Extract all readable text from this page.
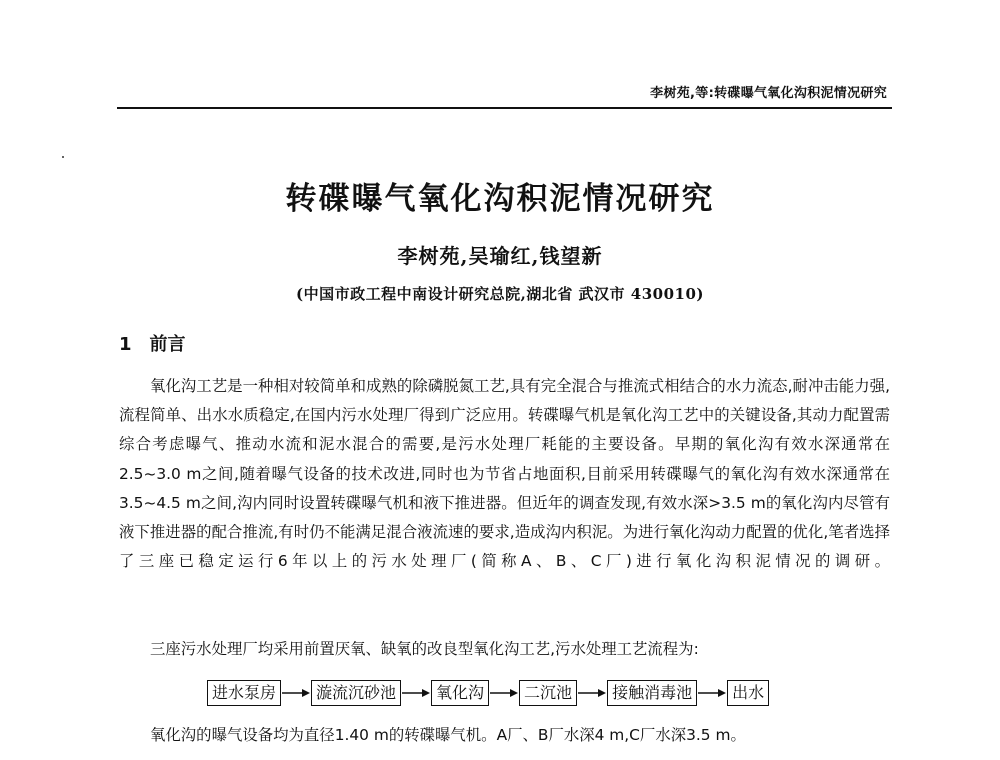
李树苑,等:转碟曝气氧化沟积泥情况研究
转碟曝气氧化沟积泥情况研究
李树苑,吴瑜红,钱望新
(中国市政工程中南设计研究总院,湖北省 武汉市 430010)
1 前言
氧化沟工艺是一种相对较简单和成熟的除磷脱氮工艺,具有完全混合与推流式相结合的水力流态,耐冲击能力强,流程简单、出水水质稳定,在国内污水处理厂得到广泛应用。转碟曝气机是氧化沟工艺中的关键设备,其动力配置需综合考虑曝气、推动水流和泥水混合的需要,是污水处理厂耗能的主要设备。早期的氧化沟有效水深通常在2.5~3.0 m之间,随着曝气设备的技术改进,同时也为节省占地面积,目前采用转碟曝气的氧化沟有效水深通常在3.5~4.5 m之间,沟内同时设置转碟曝气机和液下推进器。但近年的调查发现,有效水深>3.5 m的氧化沟内尽管有液下推进器的配合推流,有时仍不能满足混合液流速的要求,造成沟内积泥。为进行氧化沟动力配置的优化,笔者选择了三座已稳定运行6年以上的污水处理厂(简称A、B、C厂)进行氧化沟积泥情况的调研。
三座污水处理厂均采用前置厌氧、缺氧的改良型氧化沟工艺,污水处理工艺流程为:
进水泵房	漩流沉砂池	氧化沟	二沉池	接触消毒池	出水
氧化沟的曝气设备均为直径1.40 m的转碟曝气机。A厂、B厂水深4 m,C厂水深3.5 m。
